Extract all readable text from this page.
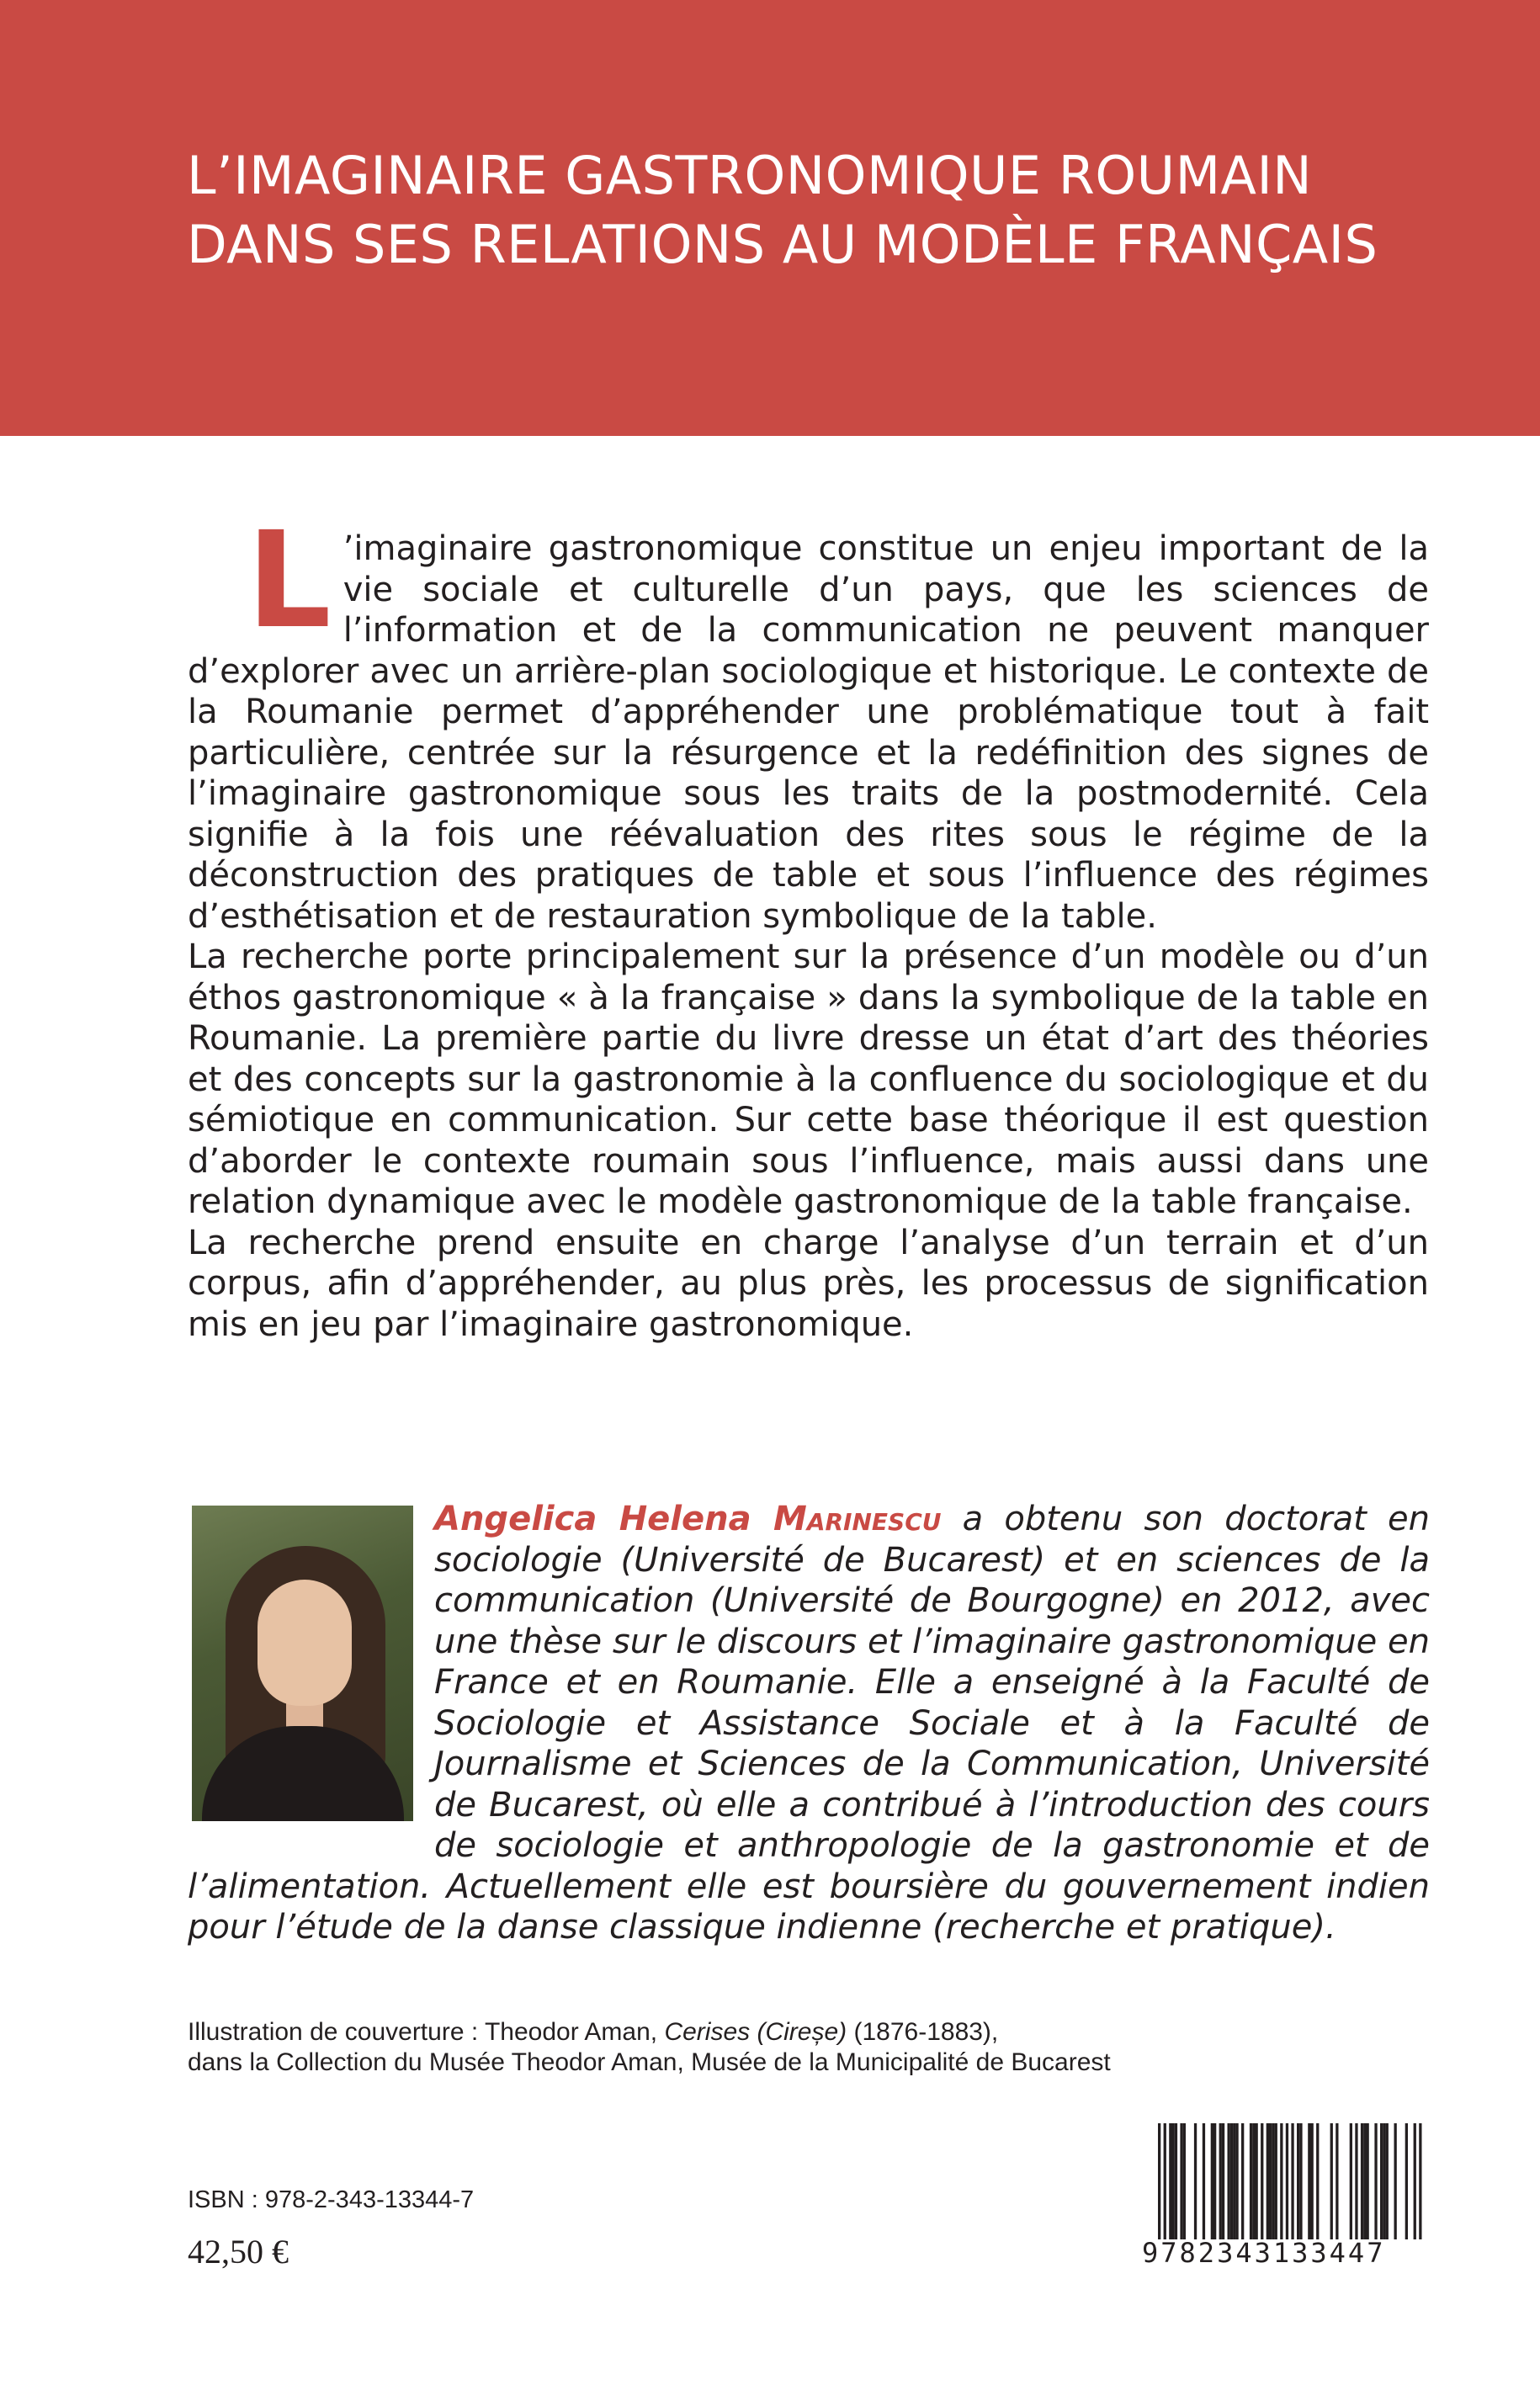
L’IMAGINAIRE GASTRONOMIQUE ROUMAIN
DANS SES RELATIONS AU MODÈLE FRANÇAIS

L ’imaginaire gastronomique constitue un enjeu important de la vie sociale et culturelle d’un pays, que les sciences de l’information et de la communication ne peuvent manquer d’explorer avec un arrière-plan sociologique et historique. Le contexte de la Roumanie permet d’appréhender une problématique tout à fait particulière, centrée sur la résurgence et la redéfinition des signes de l’imaginaire gastronomique sous les traits de la postmodernité. Cela signifie à la fois une réévaluation des rites sous le régime de la déconstruction des pratiques de table et sous l’influence des régimes d’esthétisation et de restauration symbolique de la table.

La recherche porte principalement sur la présence d’un modèle ou d’un éthos gastronomique « à la française » dans la symbolique de la table en Roumanie. La première partie du livre dresse un état d’art des théories et des concepts sur la gastronomie à la confluence du sociologique et du sémiotique en communication. Sur cette base théorique il est question d’aborder le contexte roumain sous l’influence, mais aussi dans une relation dynamique avec le modèle gastronomique de la table française.

La recherche prend ensuite en charge l’analyse d’un terrain et d’un corpus, afin d’appréhender, au plus près, les processus de signification mis en jeu par l’imaginaire gastronomique.

Angelica Helena Marinescu a obtenu son doctorat en sociologie (Université de Bucarest) et en sciences de la communication (Université de Bourgogne) en 2012, avec une thèse sur le discours et l’imaginaire gastronomique en France et en Roumanie. Elle a enseigné à la Faculté de Sociologie et Assistance Sociale et à la Faculté de Journalisme et Sciences de la Communication, Université de Bucarest, où elle a contribué à l’introduction des cours de sociologie et anthropologie de la gastronomie et de l’alimentation. Actuellement elle est boursière du gouvernement indien pour l’étude de la danse classique indienne (recherche et pratique).

Illustration de couverture : Theodor Aman, Cerises (Cireșe) (1876-1883),
dans la Collection du Musée Theodor Aman, Musée de la Municipalité de Bucarest
ISBN : 978-2-343-13344-7
42,50 €	9782343133447
